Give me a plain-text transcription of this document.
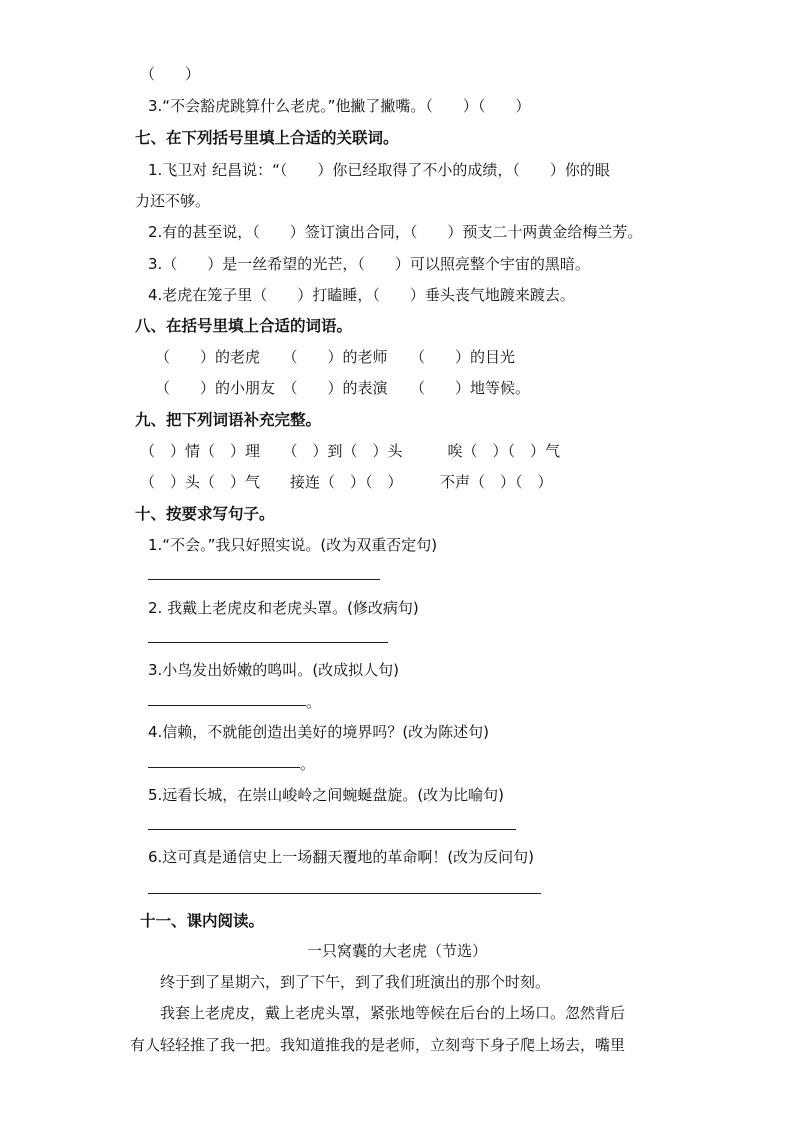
（　　）
3.“不会豁虎跳算什么老虎。”他撇了撇嘴。（　　）（　　）
七、在下列括号里填上合适的关联词。
1.飞卫对 纪昌说：“（　　）你已经取得了不小的成绩，（　　）你的眼
力还不够。
2.有的甚至说，（　　）签订演出合同，（　　）预支二十两黄金给梅兰芳。
3.（　　）是一丝希望的光芒，（　　）可以照亮整个宇宙的黑暗。
4.老虎在笼子里（　　）打瞌睡，（　　）垂头丧气地踱来踱去。
八、在括号里填上合适的词语。
（　　）的老虎　　（　　）的老师　　（　　）的目光
（　　）的小朋友　（　　）的表演　　（　　）地等候。
九、把下列词语补充完整。
（　）情（　）理　　（　）到（　）头　　　唉（　）（　）气
（　）头（　）气　　接连（　）（　）　　　不声（　）（　）
十、按要求写句子。
1.“不会。”我只好照实说。(改为双重否定句)
2. 我戴上老虎皮和老虎头罩。(修改病句)
3.小鸟发出娇嫩的鸣叫。(改成拟人句)
。
4.信赖，不就能创造出美好的境界吗？(改为陈述句)
。
5.远看长城，在崇山峻岭之间蜿蜒盘旋。(改为比喻句)
6.这可真是通信史上一场翻天覆地的革命啊！(改为反问句)
十一、课内阅读。
一只窝囊的大老虎（节选）
终于到了星期六，到了下午，到了我们班演出的那个时刻。
我套上老虎皮，戴上老虎头罩，紧张地等候在后台的上场口。忽然背后
有人轻轻推了我一把。我知道推我的是老师，立刻弯下身子爬上场去，嘴里
